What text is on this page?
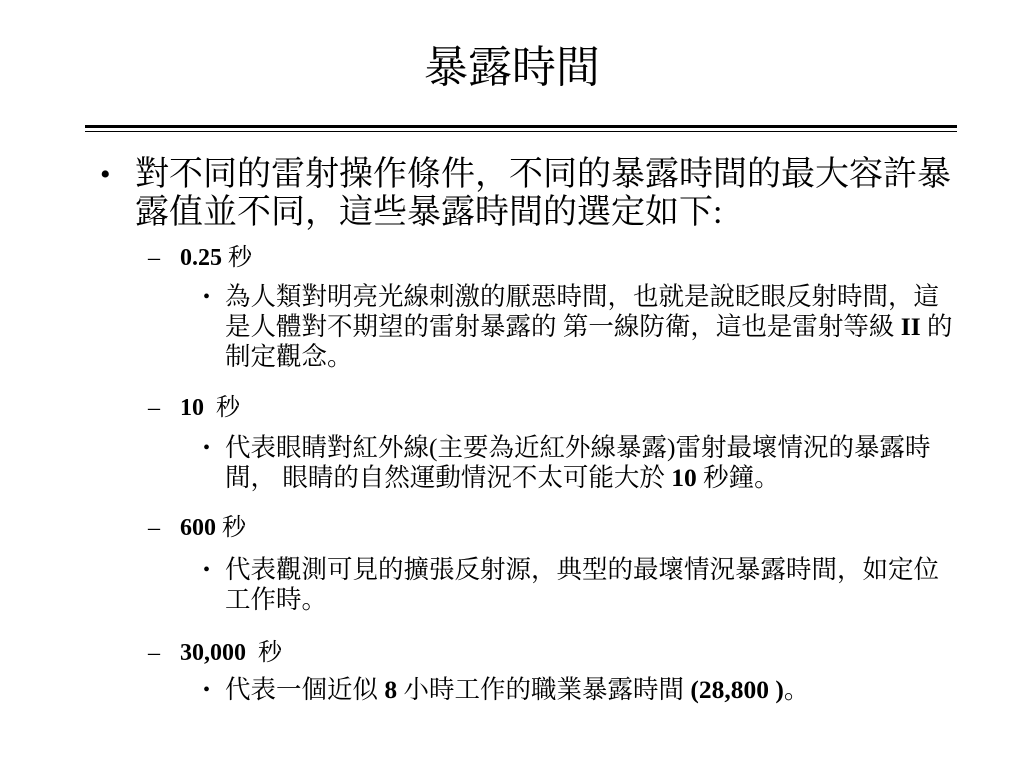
暴露時間
• 對不同的雷射操作條件，不同的暴露時間的最大容許暴
露值並不同，這些暴露時間的選定如下:
– 0.25 秒
• 為人類對明亮光線刺激的厭惡時間，也就是說眨眼反射時間，這
是人體對不期望的雷射暴露的 第一線防衛，這也是雷射等級 II 的
制定觀念。
– 10  秒
• 代表眼睛對紅外線(主要為近紅外線暴露)雷射最壞情況的暴露時
間， 眼睛的自然運動情況不太可能大於 10 秒鐘。
– 600 秒
• 代表觀測可見的擴張反射源，典型的最壞情況暴露時間，如定位
工作時。
– 30,000  秒
• 代表一個近似 8 小時工作的職業暴露時間 (28,800 )。
